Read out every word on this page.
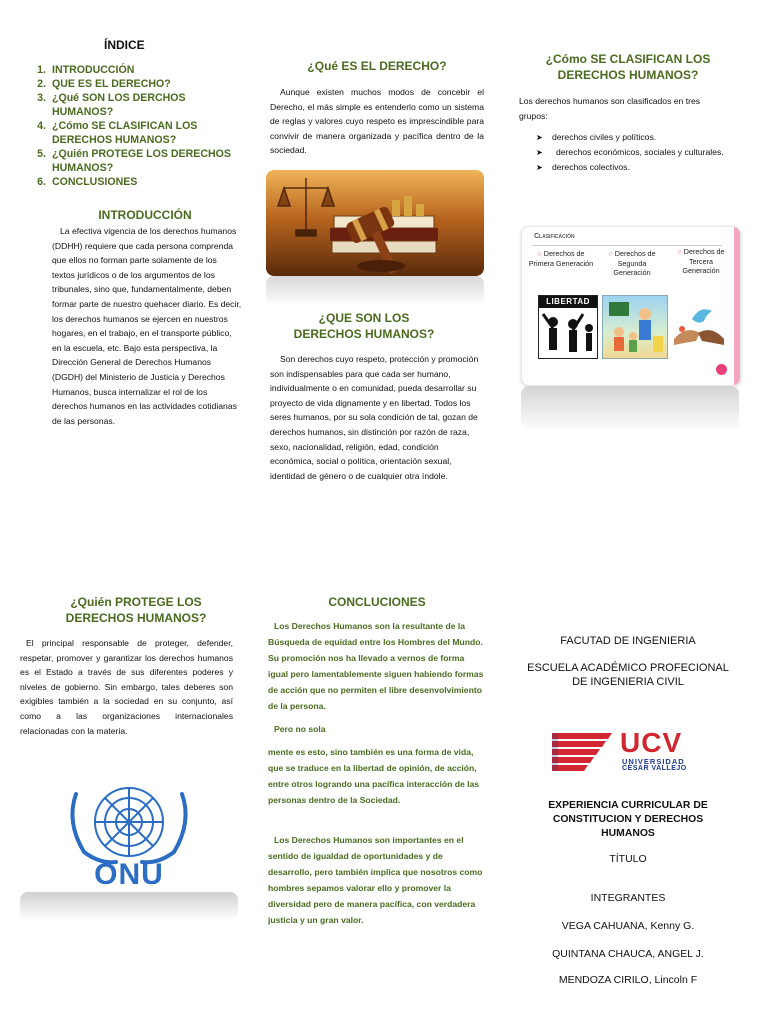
ÍNDICE
1. INTRODUCCIÓN
2. QUE ES EL DERECHO?
3. ¿Qué SON LOS DERCHOS HUMANOS?
4. ¿Cómo SE CLASIFICAN LOS DERECHOS HUMANOS?
5. ¿Quién PROTEGE LOS DERECHOS HUMANOS?
6. CONCLUSIONES
INTRODUCCIÓN
La efectiva vigencia de los derechos humanos (DDHH) requiere que cada persona comprenda que ellos no forman parte solamente de los textos jurídicos o de los argumentos de los tribunales, sino que, fundamentalmente, deben formar parte de nuestro quehacer diario. Es decir, los derechos humanos se ejercen en nuestros hogares, en el trabajo, en el transporte público, en la escuela, etc. Bajo esta perspectiva, la Dirección General de Derechos Humanos (DGDH) del Ministerio de Justicia y Derechos Humanos, busca internalizar el rol de los derechos humanos en las actividades cotidianas de las personas.
¿Qué ES EL DERECHO?
Aunque existen muchos modos de concebir el Derecho, el más simple es entenderlo como un sistema de reglas y valores cuyo respeto es imprescindible para convivir de manera organizada y pacífica dentro de la sociedad.
¿QUE SON LOS DERECHOS HUMANOS?
Son derechos cuyo respeto, protección y promoción son indispensables para que cada ser humano, individualmente o en comunidad, pueda desarrollar su proyecto de vida dignamente y en libertad. Todos los seres humanos, por su sola condición de tal, gozan de derechos humanos, sin distinción por razón de raza, sexo, nacionalidad, religión, edad, condición económica, social o política, orientación sexual, identidad de género o de cualquier otra índole.
¿Cómo SE CLASIFICAN LOS DERECHOS HUMANOS?
Los derechos humanos son clasificados en tres grupos:
➤	derechos civiles y políticos.
➤	derechos económicos, sociales y culturales.
➤	derechos colectivos.
Clasificación
○ Derechos de Primera Generación
○ Derechos de Segunda Generación
○ Derechos de Tercera Generación
LIBERTAD
¿Quién PROTEGE LOS DERECHOS HUMANOS?
El principal responsable de proteger, defender, respetar, promover y garantizar los derechos humanos es el Estado a través de sus diferentes poderes y niveles de gobierno. Sin embargo, tales deberes son exigibles también a la sociedad en su conjunto, así como a las organizaciones internacionales relacionadas con la materia.
ONU
CONCLUCIONES
Los Derechos Humanos son la resultante de la Búsqueda de equidad entre los Hombres del Mundo. Su promoción nos ha llevado a vernos de forma igual pero lamentablemente siguen habiendo formas de acción que no permiten el libre desenvolvimiento de la persona.
Pero no sola
mente es esto, sino también es una forma de vida, que se traduce en la libertad de opinión, de acción, entre otros logrando una pacífica interacción de las personas dentro de la Sociedad.
Los Derechos Humanos son importantes en el sentido de igualdad de oportunidades y de desarrollo, pero también implica que nosotros como hombres sepamos valorar ello y promover la diversidad pero de manera pacífica, con verdadera justicia y un gran valor.
FACUTAD DE INGENIERIA
ESCUELA ACADÉMICO PROFECIONAL DE INGENIERIA CIVIL
UCV
UNIVERSIDAD
CÉSAR VALLEJO
EXPERIENCIA CURRICULAR DE CONSTITUCION Y DERECHOS HUMANOS
TÍTULO
INTEGRANTES
VEGA CAHUANA, Kenny G.
QUINTANA CHAUCA, ANGEL J.
MENDOZA CIRILO, Lincoln F
